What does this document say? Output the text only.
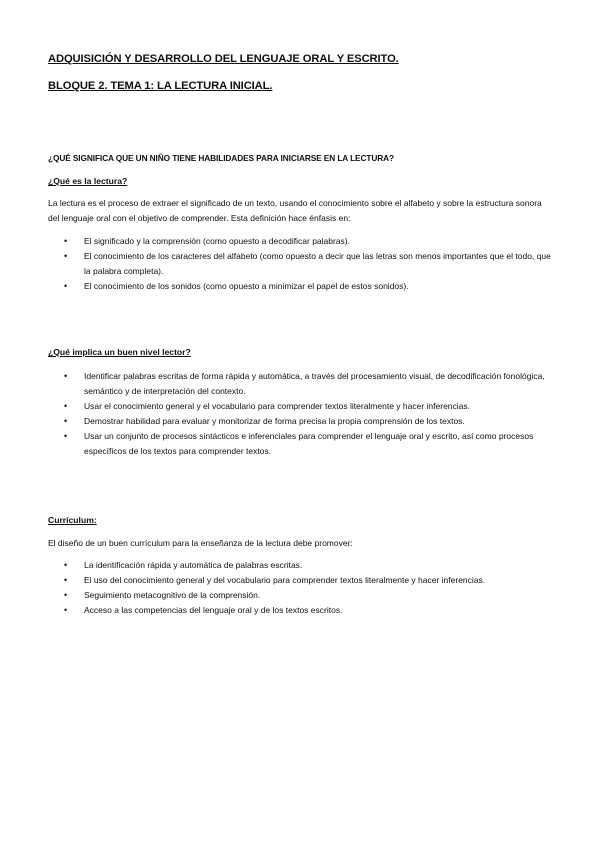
ADQUISICIÓN Y DESARROLLO DEL LENGUAJE ORAL Y ESCRITO.
BLOQUE 2. TEMA 1: LA LECTURA INICIAL.
¿QUÉ SIGNIFICA QUE UN NIÑO TIENE HABILIDADES PARA INICIARSE EN LA LECTURA?
¿Qué es la lectura?

La lectura es el proceso de extraer el significado de un texto, usando el conocimiento sobre el alfabeto y sobre la estructura sonora del lenguaje oral con el objetivo de comprender. Esta definición hace énfasis en:

• El significado y la comprensión (como opuesto a decodificar palabras).
• El conocimiento de los caracteres del alfabeto (como opuesto a decir que las letras son menos importantes que el todo, que la palabra completa).
• El conocimiento de los sonidos (como opuesto a minimizar el papel de estos sonidos).
¿Qué implica un buen nivel lector?
• Identificar palabras escritas de forma rápida y automática, a través del procesamiento visual, de decodificación fonológica, semántico y de interpretación del contexto.
• Usar el conocimiento general y el vocabulario para comprender textos literalmente y hacer inferencias.
• Demostrar habilidad para evaluar y monitorizar de forma precisa la propia comprensión de los textos.
• Usar un conjunto de procesos sintácticos e inferenciales para comprender el lenguaje oral y escrito, así como procesos específicos de los textos para comprender textos.
Currículum:

El diseño de un buen currículum para la enseñanza de la lectura debe promover:

• La identificación rápida y automática de palabras escritas.
• El uso del conocimiento general y del vocabulario para comprender textos literalmente y hacer inferencias.
• Seguimiento metacognitivo de la comprensión.
• Acceso a las competencias del lenguaje oral y de los textos escritos.
